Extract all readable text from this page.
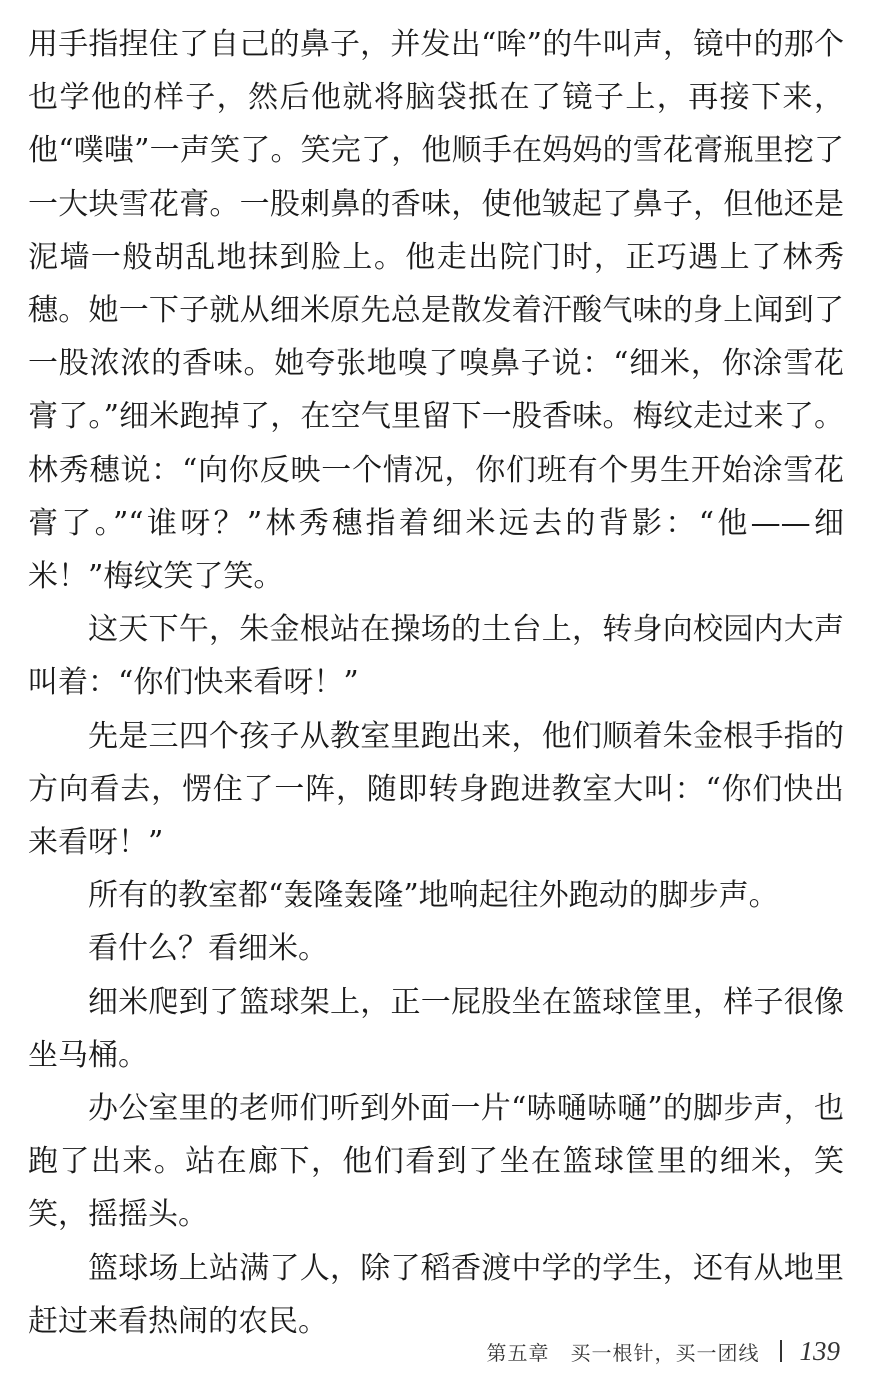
用手指捏住了自己的鼻子，并发出“哞”的牛叫声，镜中的那个也学他的样子，然后他就将脑袋抵在了镜子上，再接下来，他“噗嗤”一声笑了。笑完了，他顺手在妈妈的雪花膏瓶里挖了一大块雪花膏。一股刺鼻的香味，使他皱起了鼻子，但他还是泥墙一般胡乱地抹到脸上。他走出院门时，正巧遇上了林秀穗。她一下子就从细米原先总是散发着汗酸气味的身上闻到了一股浓浓的香味。她夸张地嗅了嗅鼻子说：“细米，你涂雪花膏了。”细米跑掉了，在空气里留下一股香味。梅纹走过来了。林秀穗说：“向你反映一个情况，你们班有个男生开始涂雪花膏了。”“谁呀？”林秀穗指着细米远去的背影：“他——细米！”梅纹笑了笑。

这天下午，朱金根站在操场的土台上，转身向校园内大声叫着：“你们快来看呀！”

先是三四个孩子从教室里跑出来，他们顺着朱金根手指的方向看去，愣住了一阵，随即转身跑进教室大叫：“你们快出来看呀！”

所有的教室都“轰隆轰隆”地响起往外跑动的脚步声。

看什么？看细米。

细米爬到了篮球架上，正一屁股坐在篮球筐里，样子很像坐马桶。

办公室里的老师们听到外面一片“哧嗵哧嗵”的脚步声，也跑了出来。站在廊下，他们看到了坐在篮球筐里的细米，笑笑，摇摇头。

篮球场上站满了人，除了稻香渡中学的学生，还有从地里赶过来看热闹的农民。

第五章　买一根针，买一团线 139
